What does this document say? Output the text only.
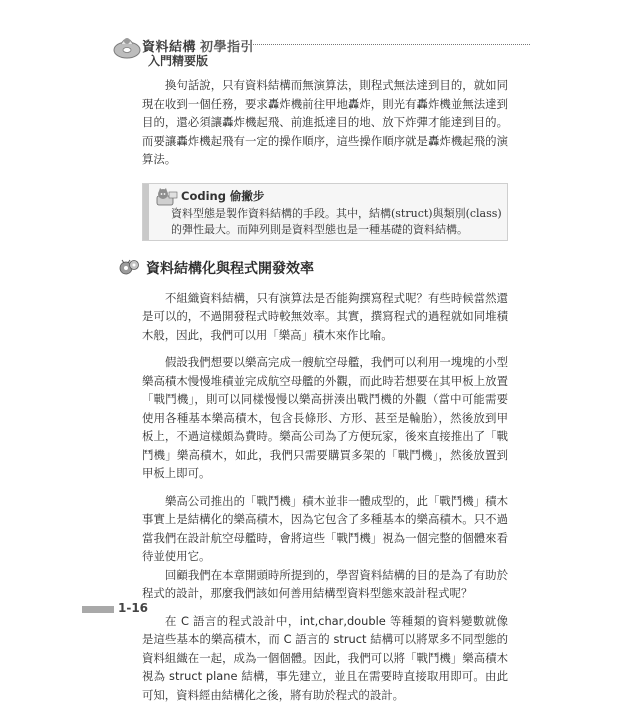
資料結構 初學指引
入門精要版

換句話說，只有資料結構而無演算法，則程式無法達到目的，就如同現在收到一個任務，要求轟炸機前往甲地轟炸，則光有轟炸機並無法達到目的，還必須讓轟炸機起飛、前進抵達目的地、放下炸彈才能達到目的。而要讓轟炸機起飛有一定的操作順序，這些操作順序就是轟炸機起飛的演算法。

Coding 偷撇步
資料型態是製作資料結構的手段。其中，結構(struct)與類別(class)的彈性最大。而陣列則是資料型態也是一種基礎的資料結構。
資料結構化與程式開發效率

不組織資料結構，只有演算法是否能夠撰寫程式呢？有些時候當然還是可以的，不過開發程式時較無效率。其實，撰寫程式的過程就如同堆積木般，因此，我們可以用「樂高」積木來作比喻。

假設我們想要以樂高完成一艘航空母艦，我們可以利用一塊塊的小型樂高積木慢慢堆積並完成航空母艦的外觀，而此時若想要在其甲板上放置「戰鬥機」，則可以同樣慢慢以樂高拼湊出戰鬥機的外觀（當中可能需要使用各種基本樂高積木，包含長條形、方形、甚至是輪胎），然後放到甲板上，不過這樣頗為費時。樂高公司為了方便玩家，後來直接推出了「戰鬥機」樂高積木，如此，我們只需要購買多架的「戰鬥機」，然後放置到甲板上即可。

樂高公司推出的「戰鬥機」積木並非一體成型的，此「戰鬥機」積木事實上是結構化的樂高積木，因為它包含了多種基本的樂高積木。只不過當我們在設計航空母艦時，會將這些「戰鬥機」視為一個完整的個體來看待並使用它。

回顧我們在本章開頭時所提到的，學習資料結構的目的是為了有助於程式的設計，那麼我們該如何善用結構型資料型態來設計程式呢？

在 C 語言的程式設計中，int,char,double 等種類的資料變數就像是這些基本的樂高積木，而 C 語言的 struct 結構可以將眾多不同型態的資料組織在一起，成為一個個體。因此，我們可以將「戰鬥機」樂高積木視為 struct plane 結構，事先建立，並且在需要時直接取用即可。由此可知，資料經由結構化之後，將有助於程式的設計。

1-16
